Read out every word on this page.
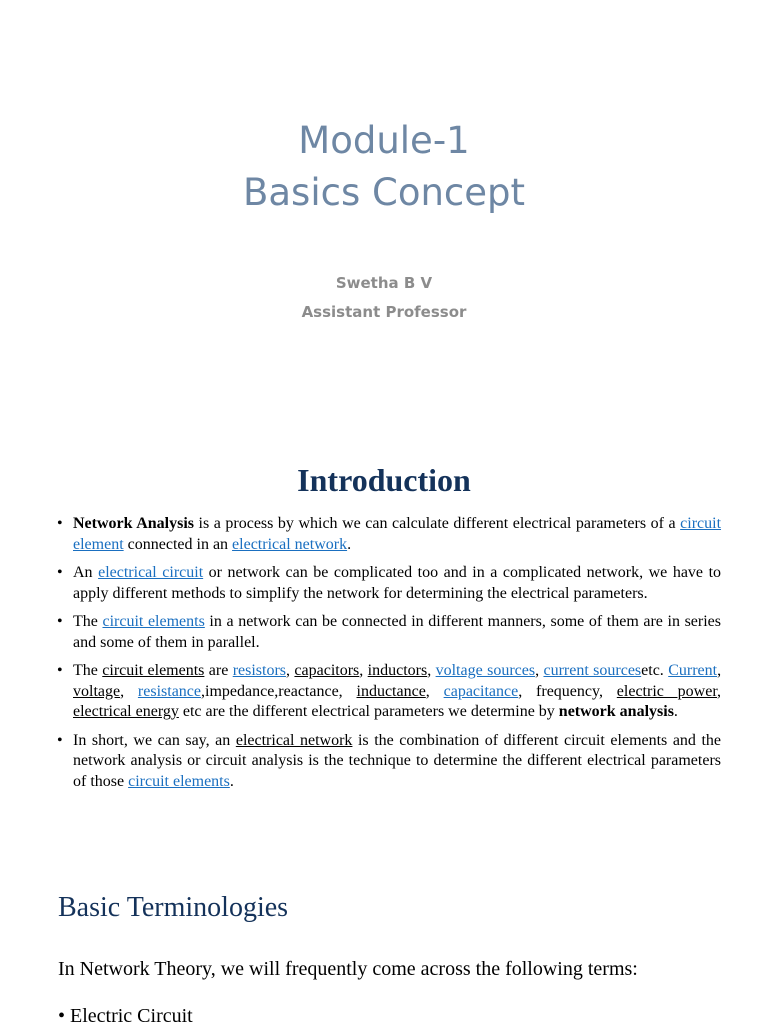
Module-1
Basics Concept
Swetha B V
Assistant Professor
Introduction
• Network Analysis is a process by which we can calculate different electrical parameters of a circuit element connected in an electrical network.
• An electrical circuit or network can be complicated too and in a complicated network, we have to apply different methods to simplify the network for determining the electrical parameters.
• The circuit elements in a network can be connected in different manners, some of them are in series and some of them in parallel.
• The circuit elements are resistors, capacitors, inductors, voltage sources, current sourcesetc. Current, voltage, resistance,impedance,reactance, inductance, capacitance, frequency, electric power, electrical energy etc are the different electrical parameters we determine by network analysis.
• In short, we can say, an electrical network is the combination of different circuit elements and the network analysis or circuit analysis is the technique to determine the different electrical parameters of those circuit elements.
Basic Terminologies
In Network Theory, we will frequently come across the following terms:
• Electric Circuit
